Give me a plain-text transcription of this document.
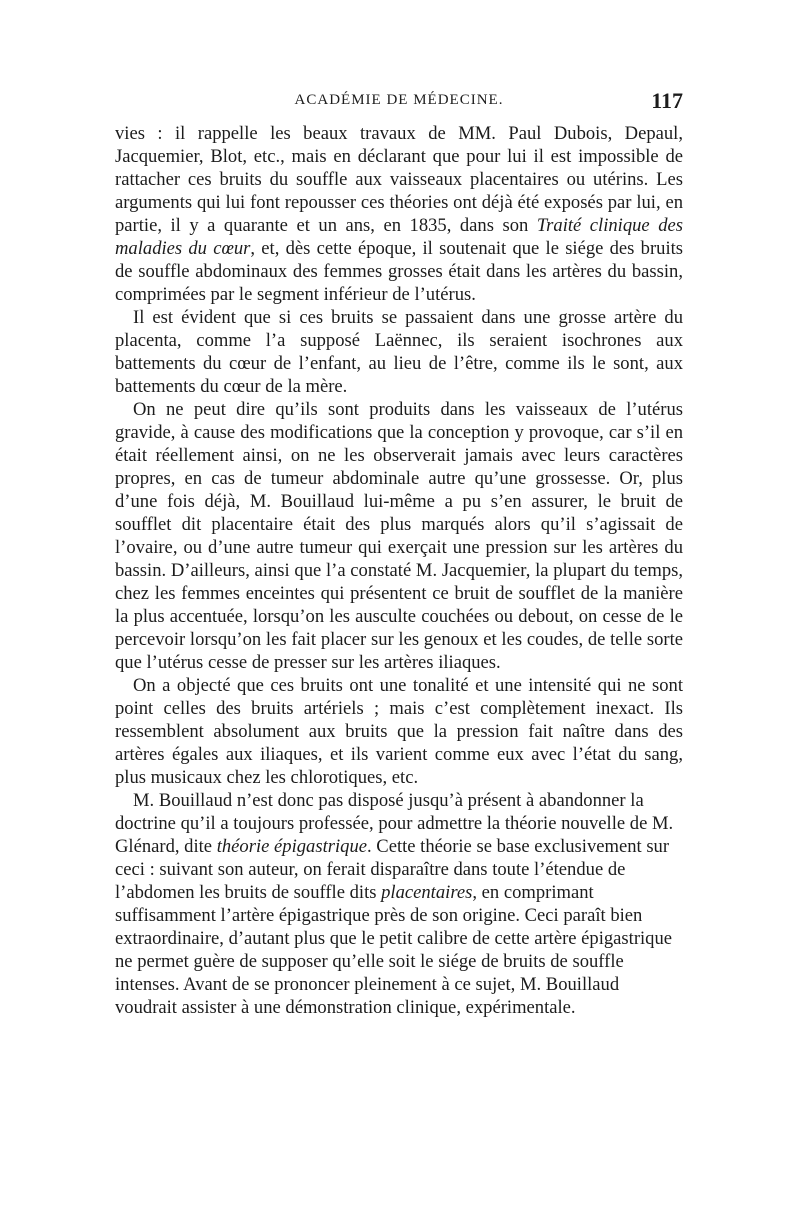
ACADÉMIE DE MÉDECINE.	117

vies : il rappelle les beaux travaux de MM. Paul Dubois, Depaul, Jacquemier, Blot, etc., mais en déclarant que pour lui il est impossible de rattacher ces bruits du souffle aux vaisseaux placentaires ou utérins. Les arguments qui lui font repousser ces théories ont déjà été exposés par lui, en partie, il y a quarante et un ans, en 1835, dans son Traité clinique des maladies du cœur, et, dès cette époque, il soutenait que le siége des bruits de souffle abdominaux des femmes grosses était dans les artères du bassin, comprimées par le segment inférieur de l’utérus.

Il est évident que si ces bruits se passaient dans une grosse artère du placenta, comme l’a supposé Laënnec, ils seraient isochrones aux battements du cœur de l’enfant, au lieu de l’être, comme ils le sont, aux battements du cœur de la mère.

On ne peut dire qu’ils sont produits dans les vaisseaux de l’utérus gravide, à cause des modifications que la conception y provoque, car s’il en était réellement ainsi, on ne les observerait jamais avec leurs caractères propres, en cas de tumeur abdominale autre qu’une grossesse. Or, plus d’une fois déjà, M. Bouillaud lui-même a pu s’en assurer, le bruit de soufflet dit placentaire était des plus marqués alors qu’il s’agissait de l’ovaire, ou d’une autre tumeur qui exerçait une pression sur les artères du bassin. D’ailleurs, ainsi que l’a constaté M. Jacquemier, la plupart du temps, chez les femmes enceintes qui présentent ce bruit de soufflet de la manière la plus accentuée, lorsqu’on les ausculte couchées ou debout, on cesse de le percevoir lorsqu’on les fait placer sur les genoux et les coudes, de telle sorte que l’utérus cesse de presser sur les artères iliaques.

On a objecté que ces bruits ont une tonalité et une intensité qui ne sont point celles des bruits artériels ; mais c’est complètement inexact. Ils ressemblent absolument aux bruits que la pression fait naître dans des artères égales aux iliaques, et ils varient comme eux avec l’état du sang, plus musicaux chez les chlorotiques, etc.

M. Bouillaud n’est donc pas disposé jusqu’à présent à abandonner la doctrine qu’il a toujours professée, pour admettre la théorie nouvelle de M. Glénard, dite théorie épigastrique. Cette théorie se base exclusivement sur ceci : suivant son auteur, on ferait disparaître dans toute l’étendue de l’abdomen les bruits de souffle dits placentaires, en comprimant suffisamment l’artère épigastrique près de son origine. Ceci paraît bien extraordinaire, d’autant plus que le petit calibre de cette artère épigastrique ne permet guère de supposer qu’elle soit le siége de bruits de souffle intenses. Avant de se prononcer pleinement à ce sujet, M. Bouillaud voudrait assister à une démonstration clinique, expérimentale.
